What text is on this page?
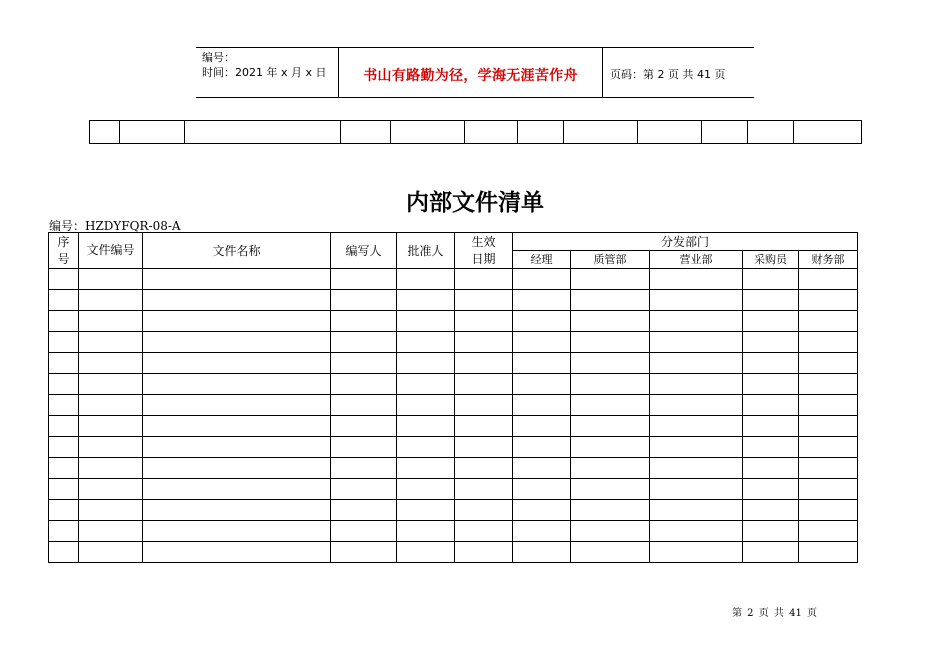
编号：
时间：2021 年 x 月 x 日	书山有路勤为径，学海无涯苦作舟	页码：第 2 页 共 41 页
内部文件清单
编号：HZDYFQR-08-A
序号	文件编号	文件名称	编写人	批准人	生效日期	分发部门				
						经理	质管部	营业部	采购员	财务部

第 2 页 共 41 页
